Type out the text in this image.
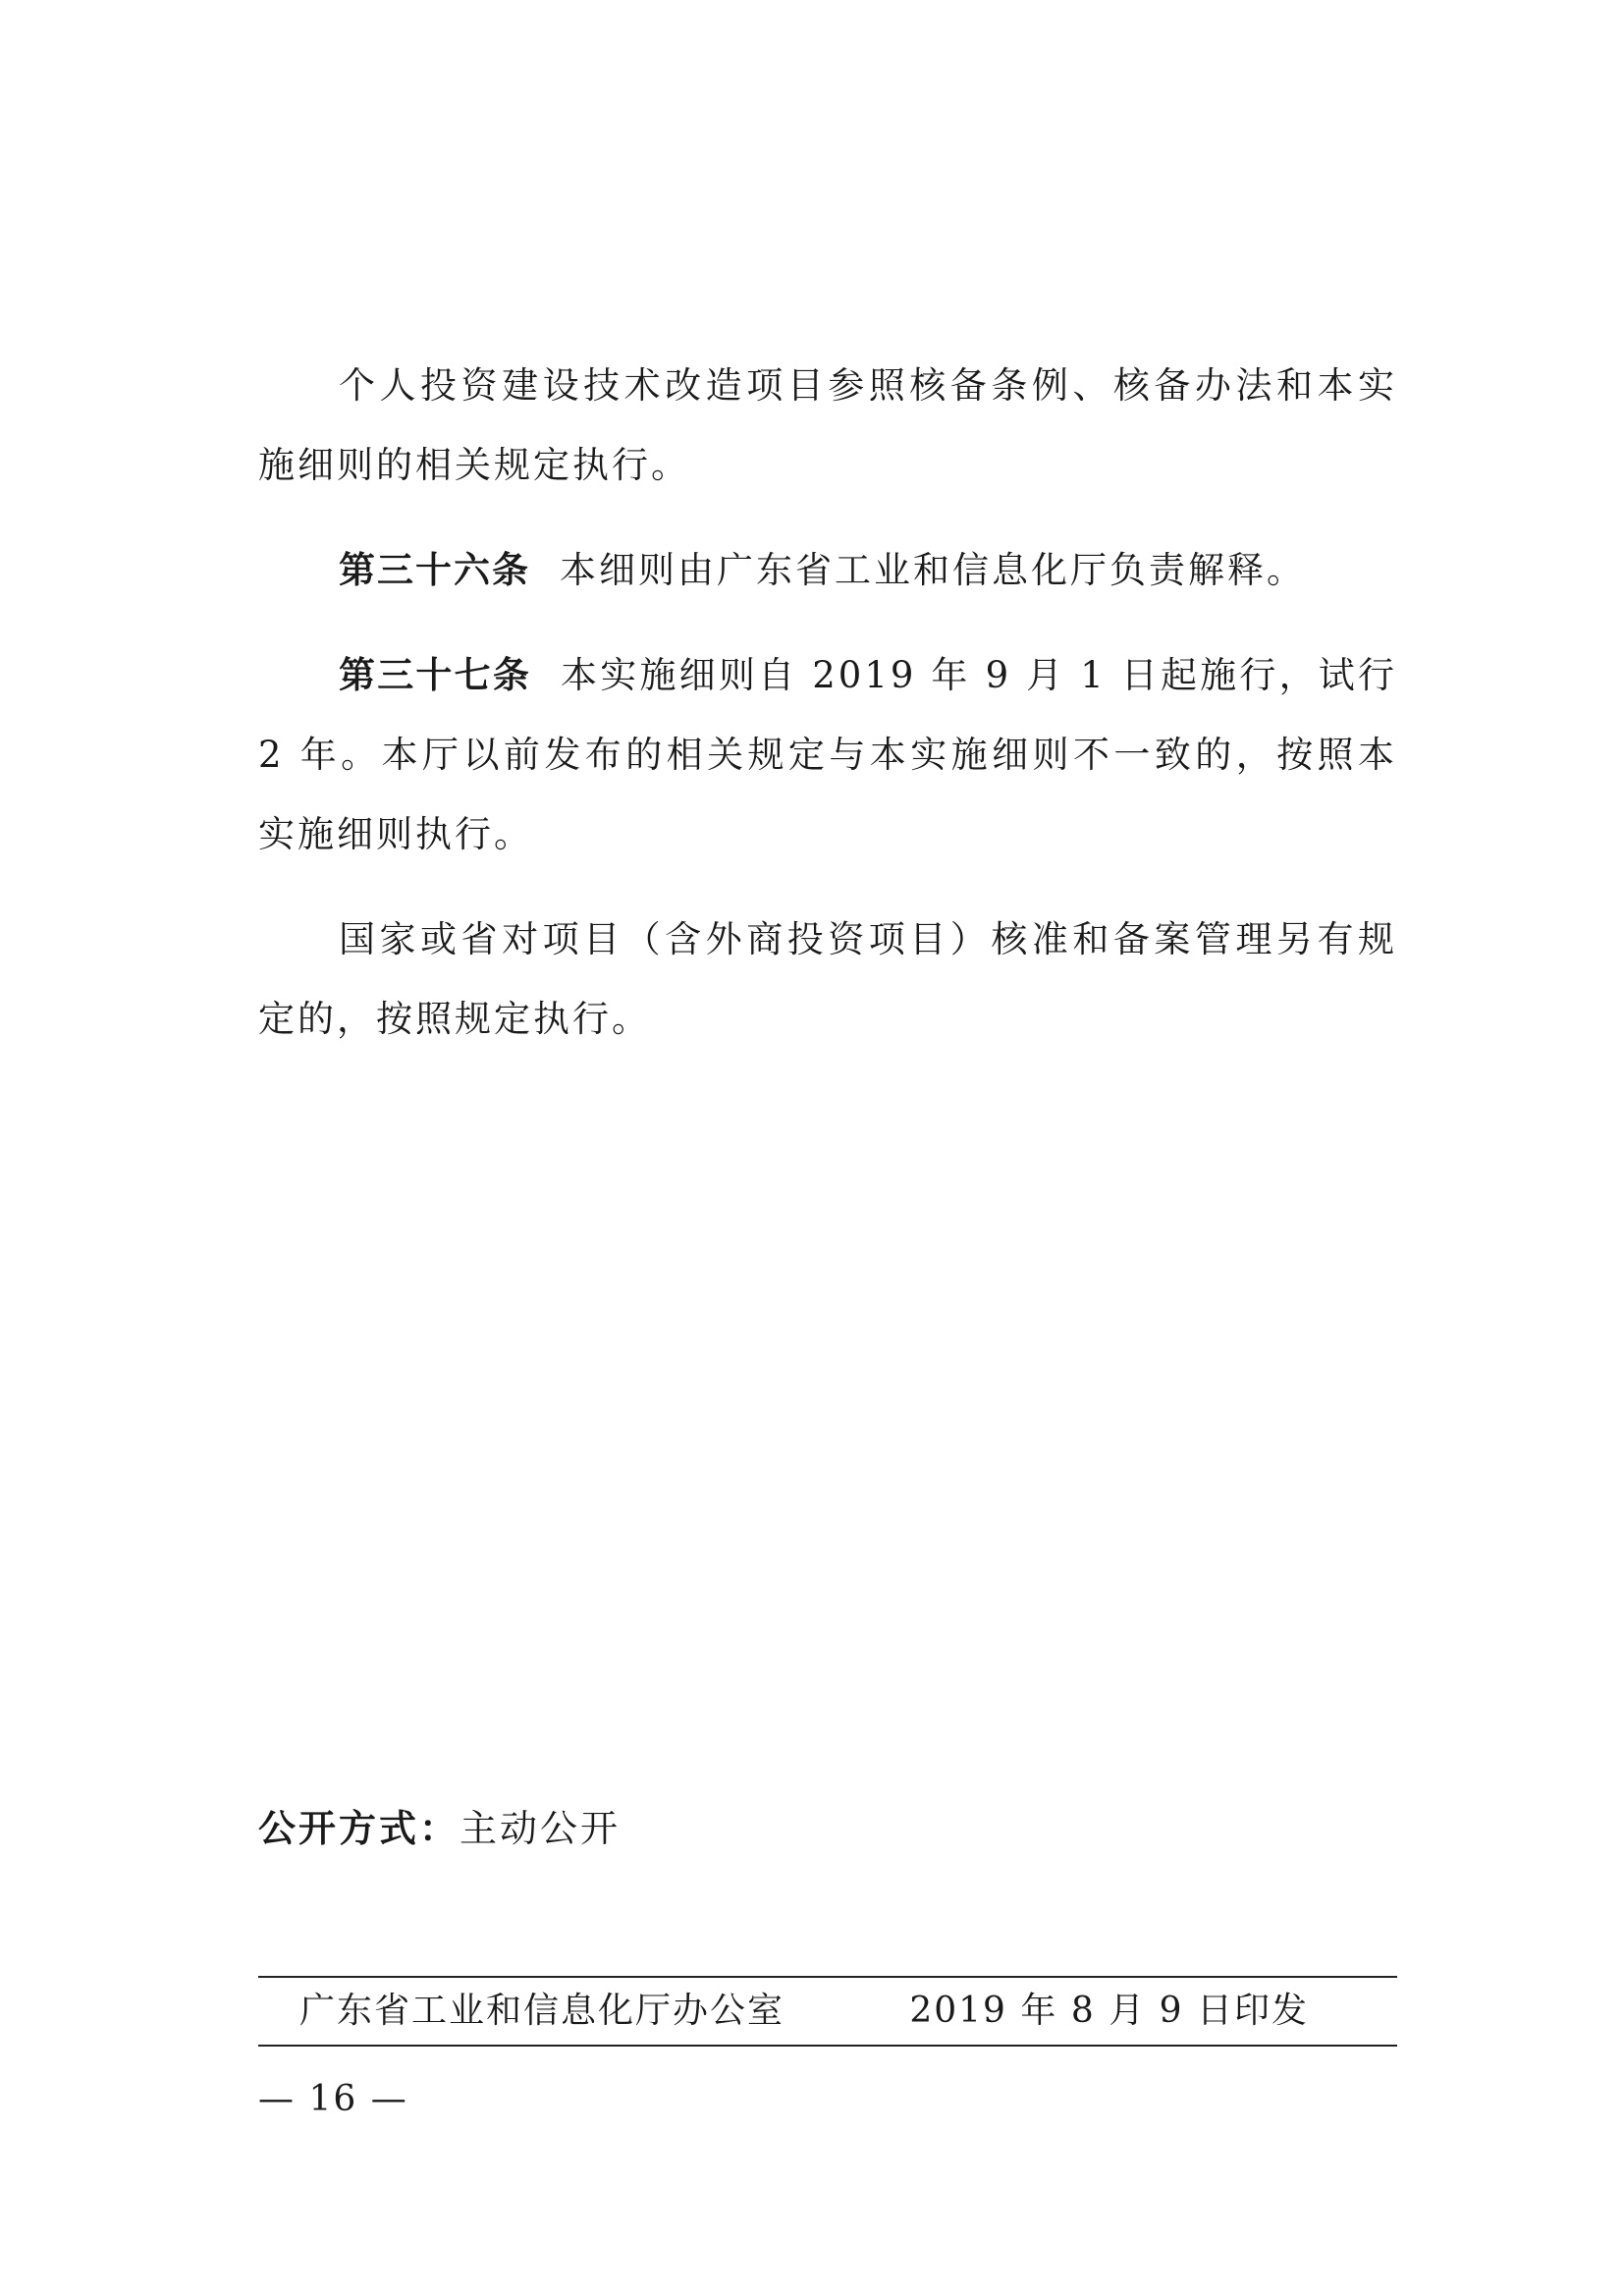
个人投资建设技术改造项目参照核备条例、核备办法和本实施细则的相关规定执行。

第三十六条 本细则由广东省工业和信息化厅负责解释。

第三十七条 本实施细则自 2019 年 9 月 1 日起施行，试行 2 年。本厅以前发布的相关规定与本实施细则不一致的，按照本实施细则执行。

国家或省对项目（含外商投资项目）核准和备案管理另有规定的，按照规定执行。

公开方式：主动公开
广东省工业和信息化厅办公室	2019 年 8 月 9 日印发
— 16 —
